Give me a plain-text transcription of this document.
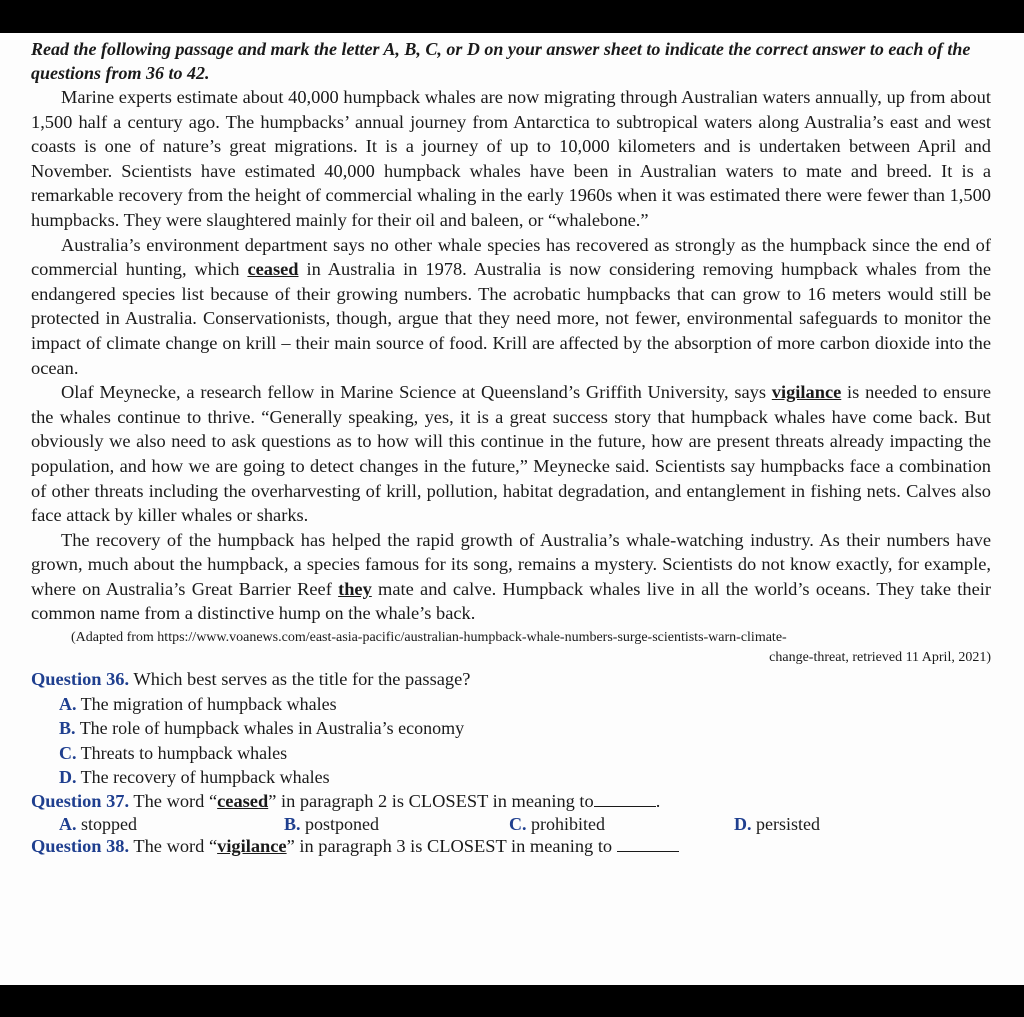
Read the following passage and mark the letter A, B, C, or D on your answer sheet to indicate the correct answer to each of the questions from 36 to 42.

Marine experts estimate about 40,000 humpback whales are now migrating through Australian waters annually, up from about 1,500 half a century ago. The humpbacks’ annual journey from Antarctica to subtropical waters along Australia’s east and west coasts is one of nature’s great migrations. It is a journey of up to 10,000 kilometers and is undertaken between April and November. Scientists have estimated 40,000 humpback whales have been in Australian waters to mate and breed. It is a remarkable recovery from the height of commercial whaling in the early 1960s when it was estimated there were fewer than 1,500 humpbacks. They were slaughtered mainly for their oil and baleen, or “whalebone.”

Australia’s environment department says no other whale species has recovered as strongly as the humpback since the end of commercial hunting, which ceased in Australia in 1978. Australia is now considering removing humpback whales from the endangered species list because of their growing numbers. The acrobatic humpbacks that can grow to 16 meters would still be protected in Australia. Conservationists, though, argue that they need more, not fewer, environmental safeguards to monitor the impact of climate change on krill – their main source of food. Krill are affected by the absorption of more carbon dioxide into the ocean.

Olaf Meynecke, a research fellow in Marine Science at Queensland’s Griffith University, says vigilance is needed to ensure the whales continue to thrive. “Generally speaking, yes, it is a great success story that humpback whales have come back. But obviously we also need to ask questions as to how will this continue in the future, how are present threats already impacting the population, and how we are going to detect changes in the future,” Meynecke said. Scientists say humpbacks face a combination of other threats including the overharvesting of krill, pollution, habitat degradation, and entanglement in fishing nets. Calves also face attack by killer whales or sharks.

The recovery of the humpback has helped the rapid growth of Australia’s whale-watching industry. As their numbers have grown, much about the humpback, a species famous for its song, remains a mystery. Scientists do not know exactly, for example, where on Australia’s Great Barrier Reef they mate and calve. Humpback whales live in all the world’s oceans. They take their common name from a distinctive hump on the whale’s back.

(Adapted from https://www.voanews.com/east-asia-pacific/australian-humpback-whale-numbers-surge-scientists-warn-climate-
change-threat, retrieved 11 April, 2021)
Question 36. Which best serves as the title for the passage?
A. The migration of humpback whales
B. The role of humpback whales in Australia’s economy
C. Threats to humpback whales
D. The recovery of humpback whales
Question 37. The word “ceased” in paragraph 2 is CLOSEST in meaning to	.
A. stopped	B. postponed	C. prohibited	D. persisted
Question 38. The word “vigilance” in paragraph 3 is CLOSEST in meaning to
